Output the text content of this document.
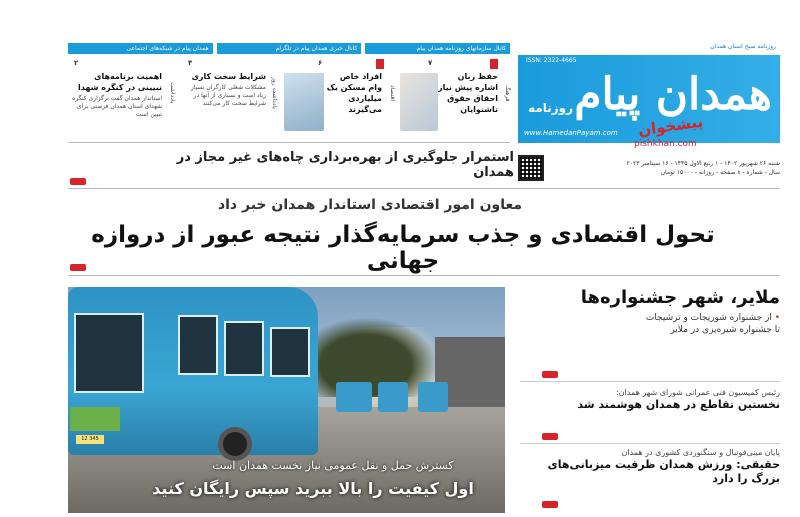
روزنامه صبح استان همدان
ISSN: 2322-4665
همدان پیام
روزنامه
www.HamedanPayam.com پیشخوان
pishkhan.com
شنبه ۲۶ شهریور ۱۴۰۲ - ۱ ربیع الاول ۱۴۴۵ - ۱۶ سپتامبر ۲۰۲۳
سال - شماره - ۸ صفحه - روزانه - ۱۵۰۰۰ تومان
کانال سازمانهای روزنامه همدان پیام
کانال خبری همدان پیام در تلگرام
همدان پیام در شبکه‌های اجتماعی
فرهنگ
۷
حفظ زبان اشاره پیش نیاز احقاق حقوق ناشنوایان
اقتصاد
۶
افراد خاص وام مسکن یک میلیاردی می‌گیرند
یادداشت روز
۴
شرایط سخت کاری
مشکلات شغلی کارگران بسیار زیاد است و بسیاری از آنها در شرایط سخت کار می‌کنند
یادداشت
۲
اهمیت برنامه‌های تبیینی در کنگره شهدا
استاندار همدان گفت برگزاری کنگره شهدای استان همدان فرصتی برای تبیین است
استمرار جلوگیری از بهره‌برداری چاه‌های غیر مجاز در همدان
معاون امور اقتصادی استاندار همدان خبر داد
تحول اقتصادی و جذب سرمایه‌گذار نتیجه عبور از دروازه جهانی
12 345
کسترش حمل و نقل عمومی نیاز نخست همدان است
اول کیفیت را بالا ببرید سپس رایگان کنید
ملایر، شهر جشنواره‌ها
• از جشنواره شوریجات و ترشیجات
تا جشنواره شیره‌پزی در ملایر
رئیس کمیسیون فنی عمرانی شورای شهر همدان:
نخستین تقاطع در همدان هوشمند شد
پایان مینی‌فوتبال و سنگنوردی کشوری در همدان
حقیقی: ورزش همدان ظرفیت میزبانی‌های بزرگ را دارد
